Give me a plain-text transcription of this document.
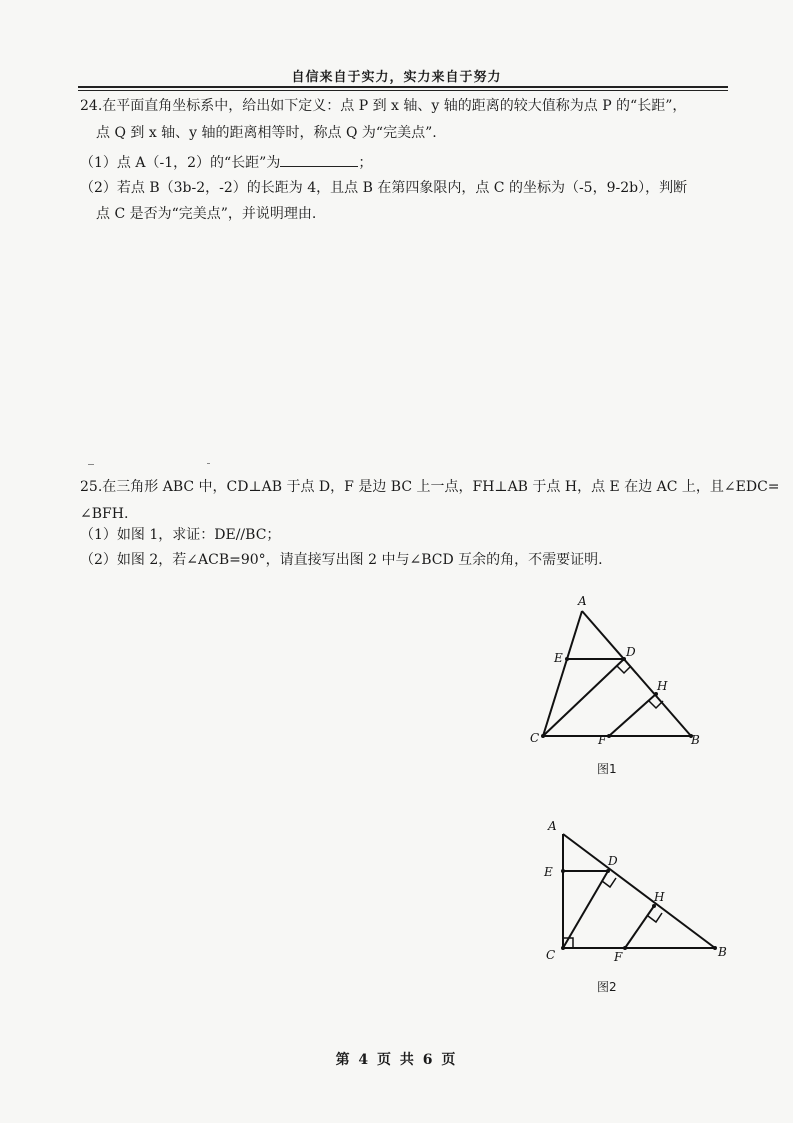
自信来自于实力，实力来自于努力
24.在平面直角坐标系中，给出如下定义：点 P 到 x 轴、y 轴的距离的较大值称为点 P 的“长距”，
点 Q 到 x 轴、y 轴的距离相等时，称点 Q 为“完美点”.
（1）点 A（-1，2）的“长距”为	；
（2）若点 B（3b-2，-2）的长距为 4，且点 B 在第四象限内，点 C 的坐标为（-5，9-2b），判断
点 C 是否为“完美点”，并说明理由.
25.在三角形 ABC 中，CD⊥AB 于点 D，F 是边 BC 上一点，FH⊥AB 于点 H，点 E 在边 AC 上，且∠EDC=
∠BFH.
（1）如图 1，求证：DE//BC；
（2）如图 2，若∠ACB=90°，请直接写出图 2 中与∠BCD 互余的角，不需要证明.
A
E	D
H
C	F	B
图1
A
E
D
H
C	F	B
图2
第 4 页 共 6 页
